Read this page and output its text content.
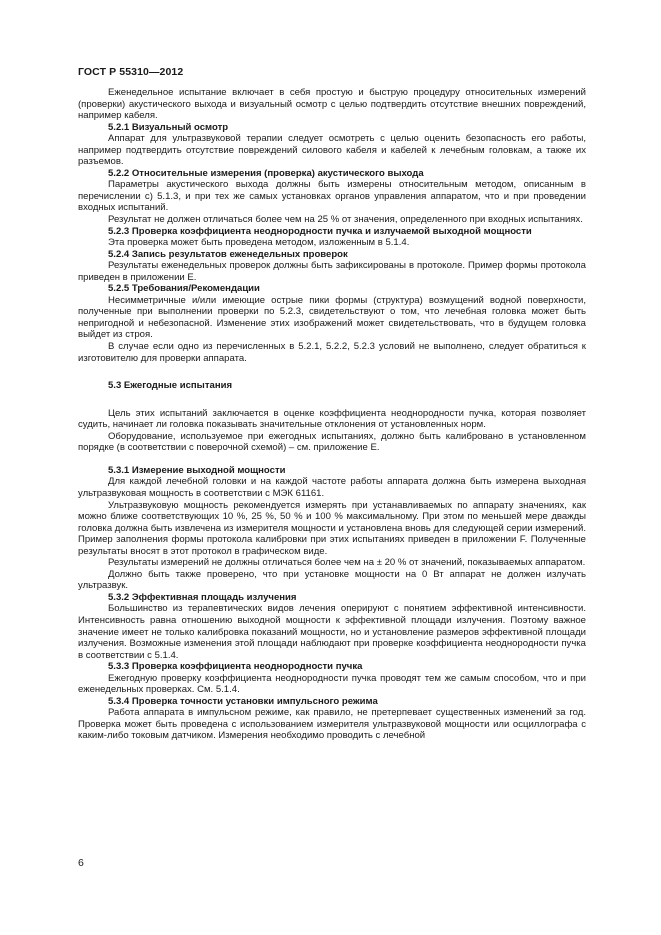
ГОСТ Р 55310—2012

Еженедельное испытание включает в себя простую и быструю процедуру относительных измерений (проверки) акустического выхода и визуальный осмотр с целью подтвердить отсутствие внешних повреждений, например кабеля.

5.2.1 Визуальный осмотр

Аппарат для ультразвуковой терапии следует осмотреть с целью оценить безопасность его работы, например подтвердить отсутствие повреждений силового кабеля и кабелей к лечебным головкам, а также их разъемов.

5.2.2 Относительные измерения (проверка) акустического выхода

Параметры акустического выхода должны быть измерены относительным методом, описанным в перечислении с) 5.1.3, и при тех же самых установках органов управления аппаратом, что и при проведении входных испытаний.

Результат не должен отличаться более чем на 25 % от значения, определенного при входных испытаниях.

5.2.3 Проверка коэффициента неоднородности пучка и излучаемой выходной мощности

Эта проверка может быть проведена методом, изложенным в 5.1.4.

5.2.4 Запись результатов еженедельных проверок

Результаты еженедельных проверок должны быть зафиксированы в протоколе. Пример формы протокола приведен в приложении Е.

5.2.5 Требования/Рекомендации

Несимметричные и/или имеющие острые пики формы (структура) возмущений водной поверхности, полученные при выполнении проверки по 5.2.3, свидетельствуют о том, что лечебная головка может быть непригодной и небезопасной. Изменение этих изображений может свидетельствовать, что в будущем головка выйдет из строя.

В случае если одно из перечисленных в 5.2.1, 5.2.2, 5.2.3 условий не выполнено, следует обратиться к изготовителю для проверки аппарата.

5.3 Ежегодные испытания

Цель этих испытаний заключается в оценке коэффициента неоднородности пучка, которая позволяет судить, начинает ли головка показывать значительные отклонения от установленных норм.

Оборудование, используемое при ежегодных испытаниях, должно быть калибровано в установленном порядке (в соответствии с поверочной схемой) – см. приложение Е.

5.3.1 Измерение выходной мощности

Для каждой лечебной головки и на каждой частоте работы аппарата должна быть измерена выходная ультразвуковая мощность в соответствии с МЭК 61161.

Ультразвуковую мощность рекомендуется измерять при устанавливаемых по аппарату значениях, как можно ближе соответствующих 10 %, 25 %, 50 % и 100 % максимальному. При этом по меньшей мере дважды головка должна быть извлечена из измерителя мощности и установлена вновь для следующей серии измерений. Пример заполнения формы протокола калибровки при этих испытаниях приведен в приложении F. Полученные результаты вносят в этот протокол в графическом виде.

Результаты измерений не должны отличаться более чем на ± 20 % от значений, показываемых аппаратом.

Должно быть также проверено, что при установке мощности на 0 Вт аппарат не должен излучать ультразвук.

5.3.2 Эффективная площадь излучения

Большинство из терапевтических видов лечения оперируют с понятием эффективной интенсивности. Интенсивность равна отношению выходной мощности к эффективной площади излучения. Поэтому важное значение имеет не только калибровка показаний мощности, но и установление размеров эффективной площади излучения. Возможные изменения этой площади наблюдают при проверке коэффициента неоднородности пучка в соответствии с 5.1.4.

5.3.3 Проверка коэффициента неоднородности пучка

Ежегодную проверку коэффициента неоднородности пучка проводят тем же самым способом, что и при еженедельных проверках. См. 5.1.4.

5.3.4 Проверка точности установки импульсного режима

Работа аппарата в импульсном режиме, как правило, не претерпевает существенных изменений за год. Проверка может быть проведена с использованием измерителя ультразвуковой мощности или осциллографа с каким-либо токовым датчиком. Измерения необходимо проводить с лечебной

6
